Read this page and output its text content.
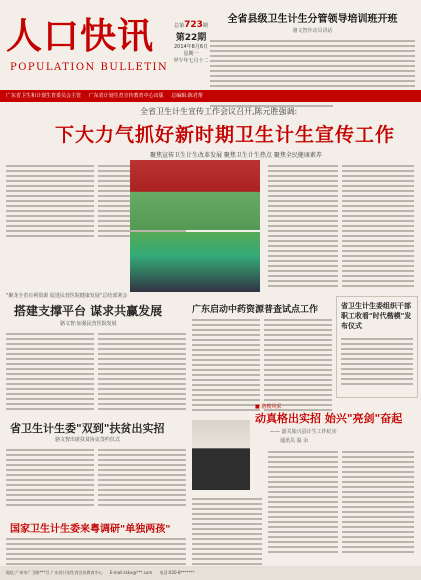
人口快讯
POPULATION BULLETIN
总第723期
第22期
2014年8月6日
星期一
甲午年七月十二
全省县级卫生计生分管领导培训班开班
骆文智作动员讲话
广东省卫生和计划生育委员会主管 广东省计划生育宣传教育中心出版 总编辑:陈君帮
全省卫生计生宣传工作会议召开,陈元胜强调:
下大力气抓好新时期卫生计生宣传工作
聚焦宣传卫生计生改革发展 聚焦卫生计生热点 聚焦全民健康素养
"聚龙全省有利资源 促进民营医院健康发展"总结部署会
搭建支撑平台 谋求共赢发展
骆文智:加强民营医院发展
省卫生计生委"双到"扶贫出实招
骆文智出席扶贫协议签约仪式
国家卫生计生委来粤调研"单独两孩"
广东启动中药资源普查试点工作	省卫生计生委组织干部职工收看"时代楷模"发布仪式
■ 楷模风采
动真格出实招 始兴"亮剑"奋起
—— 韶关始兴县计生工作纪实
通讯员 温 余
地址:广州市广卫路***号 广东省计划生育宣传教育中心 E-mail:rkkx@***.com 电话:020-8*******
